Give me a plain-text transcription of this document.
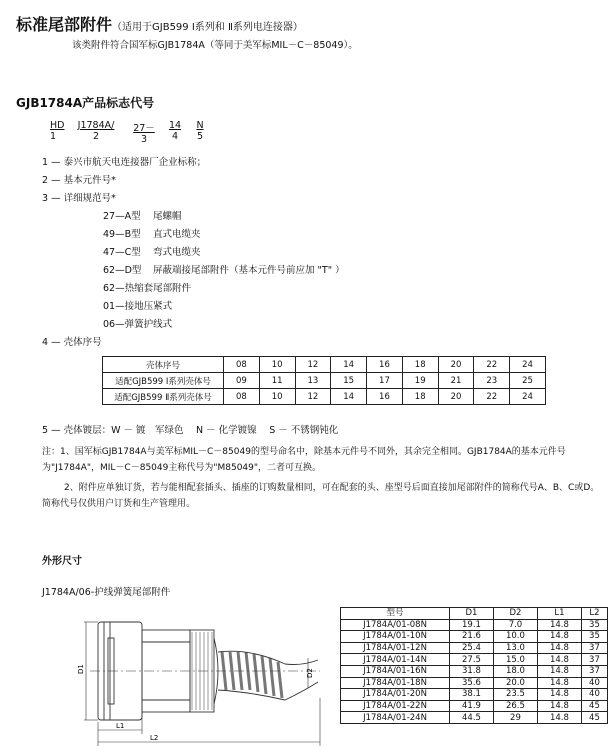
标准尾部附件（适用于GJB599 Ⅰ系列和 Ⅱ系列电连接器）
该类附件符合国军标GJB1784A（等同于美军标MIL－C－85049）。
GJB1784A产品标志代号
HD
1
J1784A/
2
27－
3
14
4
N
5
1 — 泰兴市航天电连接器厂企业标称；
2 — 基本元件号*
3 — 详细规范号*
27—A型 尾螺帽
49—B型 直式电缆夹
47—C型 弯式电缆夹
62—D型 屏蔽端接尾部附件（基本元件号前应加 "T" ）
62—热缩套尾部附件
01—接地压紧式
06—弹簧护线式
4 — 壳体序号
壳体序号	08	10	12	14	16	18	20	22	24
适配GJB599 Ⅰ系列壳体号	09	11	13	15	17	19	21	23	25
适配GJB599 Ⅱ系列壳体号	08	10	12	14	16	18	20	22	24
5 — 壳体镀层：W － 镀　军绿色　 N － 化学镀镍　 S － 不锈钢钝化
注：1、国军标GJB1784A与美军标MIL－C－85049的型号命名中，除基本元件号不同外，其余完全相同。GJB1784A的基本元件号为"J1784A"，MIL－C－85049主称代号为"M85049"，二者可互换。
2、附件应单独订货，若与能相配套插头、插座的订购数量相同，可在配套的头、座型号后面直接加尾部附件的简称代号A、B、C或D。简称代号仅供用户订货和生产管理用。
外形尺寸
J1784A/06-护线弹簧尾部附件
D1	D2
L1
L2
型号	D1	D2	L1	L2
J1784A/01-08N	19.1	7.0	14.8	35
J1784A/01-10N	21.6	10.0	14.8	35
J1784A/01-12N	25.4	13.0	14.8	37
J1784A/01-14N	27.5	15.0	14.8	37
J1784A/01-16N	31.8	18.0	14.8	37
J1784A/01-18N	35.6	20.0	14.8	40
J1784A/01-20N	38.1	23.5	14.8	40
J1784A/01-22N	41.9	26.5	14.8	45
J1784A/01-24N	44.5	29	14.8	45
